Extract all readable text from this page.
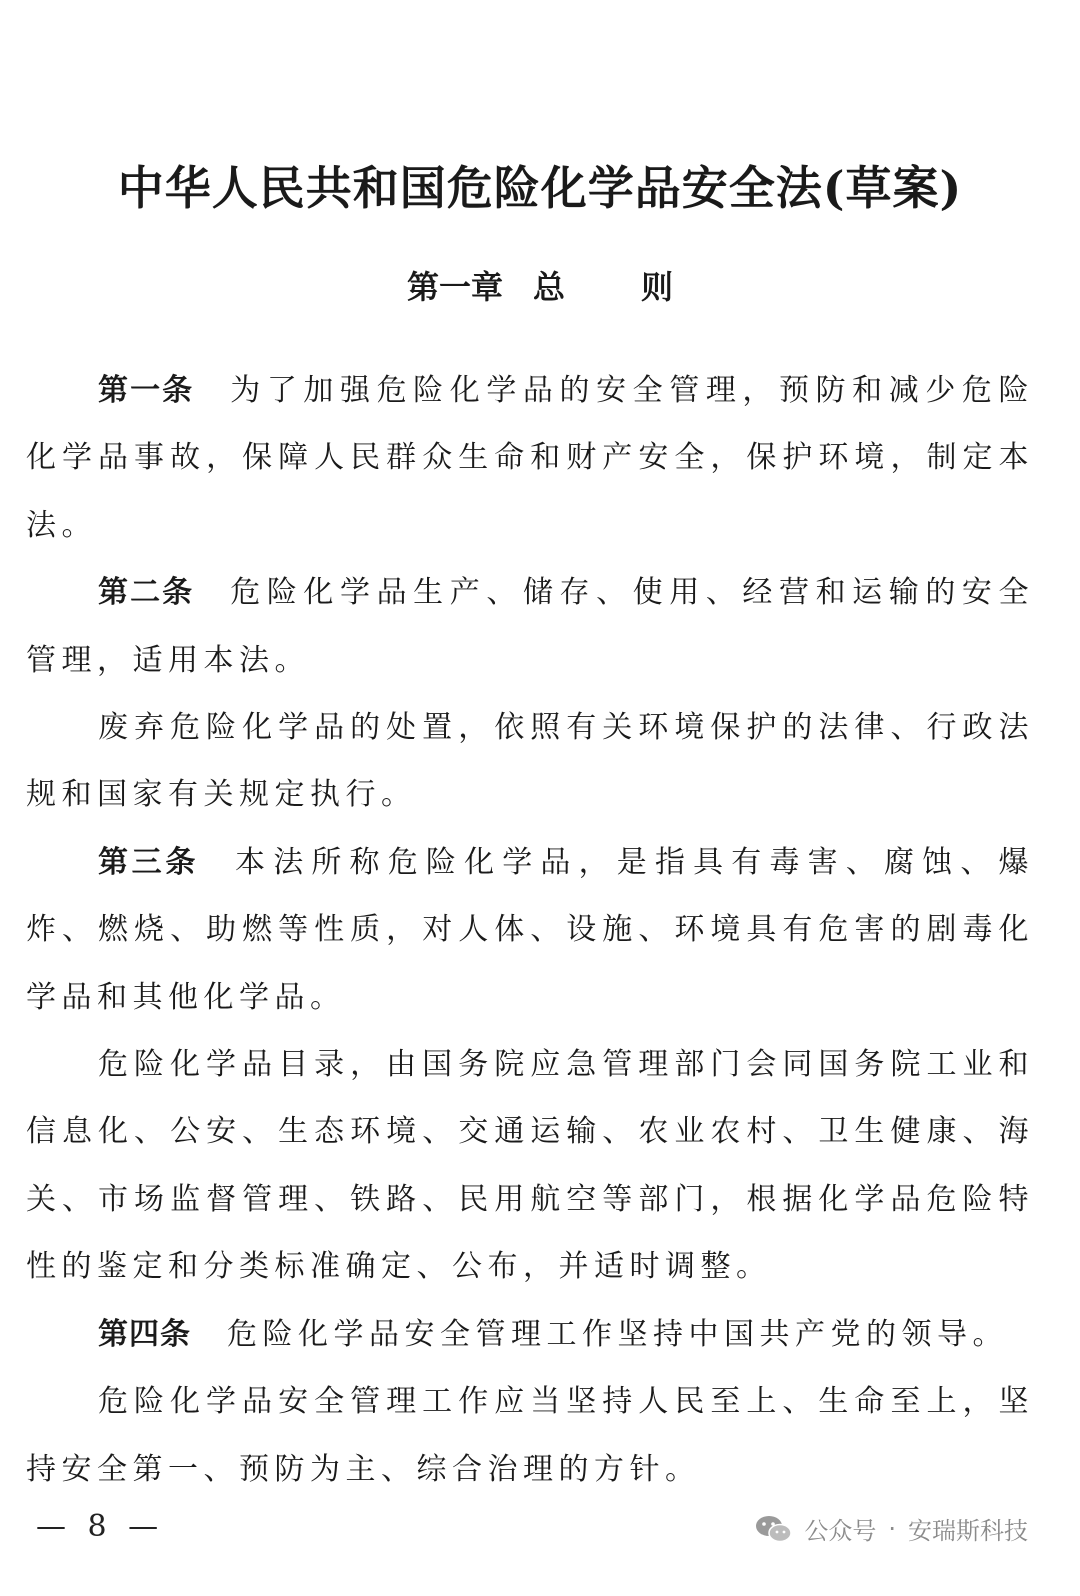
中华人民共和国危险化学品安全法(草案)
第一章 总 则

第一条 为了加强危险化学品的安全管理，预防和减少危险化学品事故，保障人民群众生命和财产安全，保护环境，制定本法。

第二条 危险化学品生产、储存、使用、经营和运输的安全管理，适用本法。

废弃危险化学品的处置，依照有关环境保护的法律、行政法规和国家有关规定执行。

第三条 本法所称危险化学品，是指具有毒害、腐蚀、爆炸、燃烧、助燃等性质，对人体、设施、环境具有危害的剧毒化学品和其他化学品。

危险化学品目录，由国务院应急管理部门会同国务院工业和信息化、公安、生态环境、交通运输、农业农村、卫生健康、海关、市场监督管理、铁路、民用航空等部门，根据化学品危险特性的鉴定和分类标准确定、公布，并适时调整。

第四条 危险化学品安全管理工作坚持中国共产党的领导。

危险化学品安全管理工作应当坚持人民至上、生命至上，坚持安全第一、预防为主、综合治理的方针。

— 8 —	公众号 · 安瑞斯科技
